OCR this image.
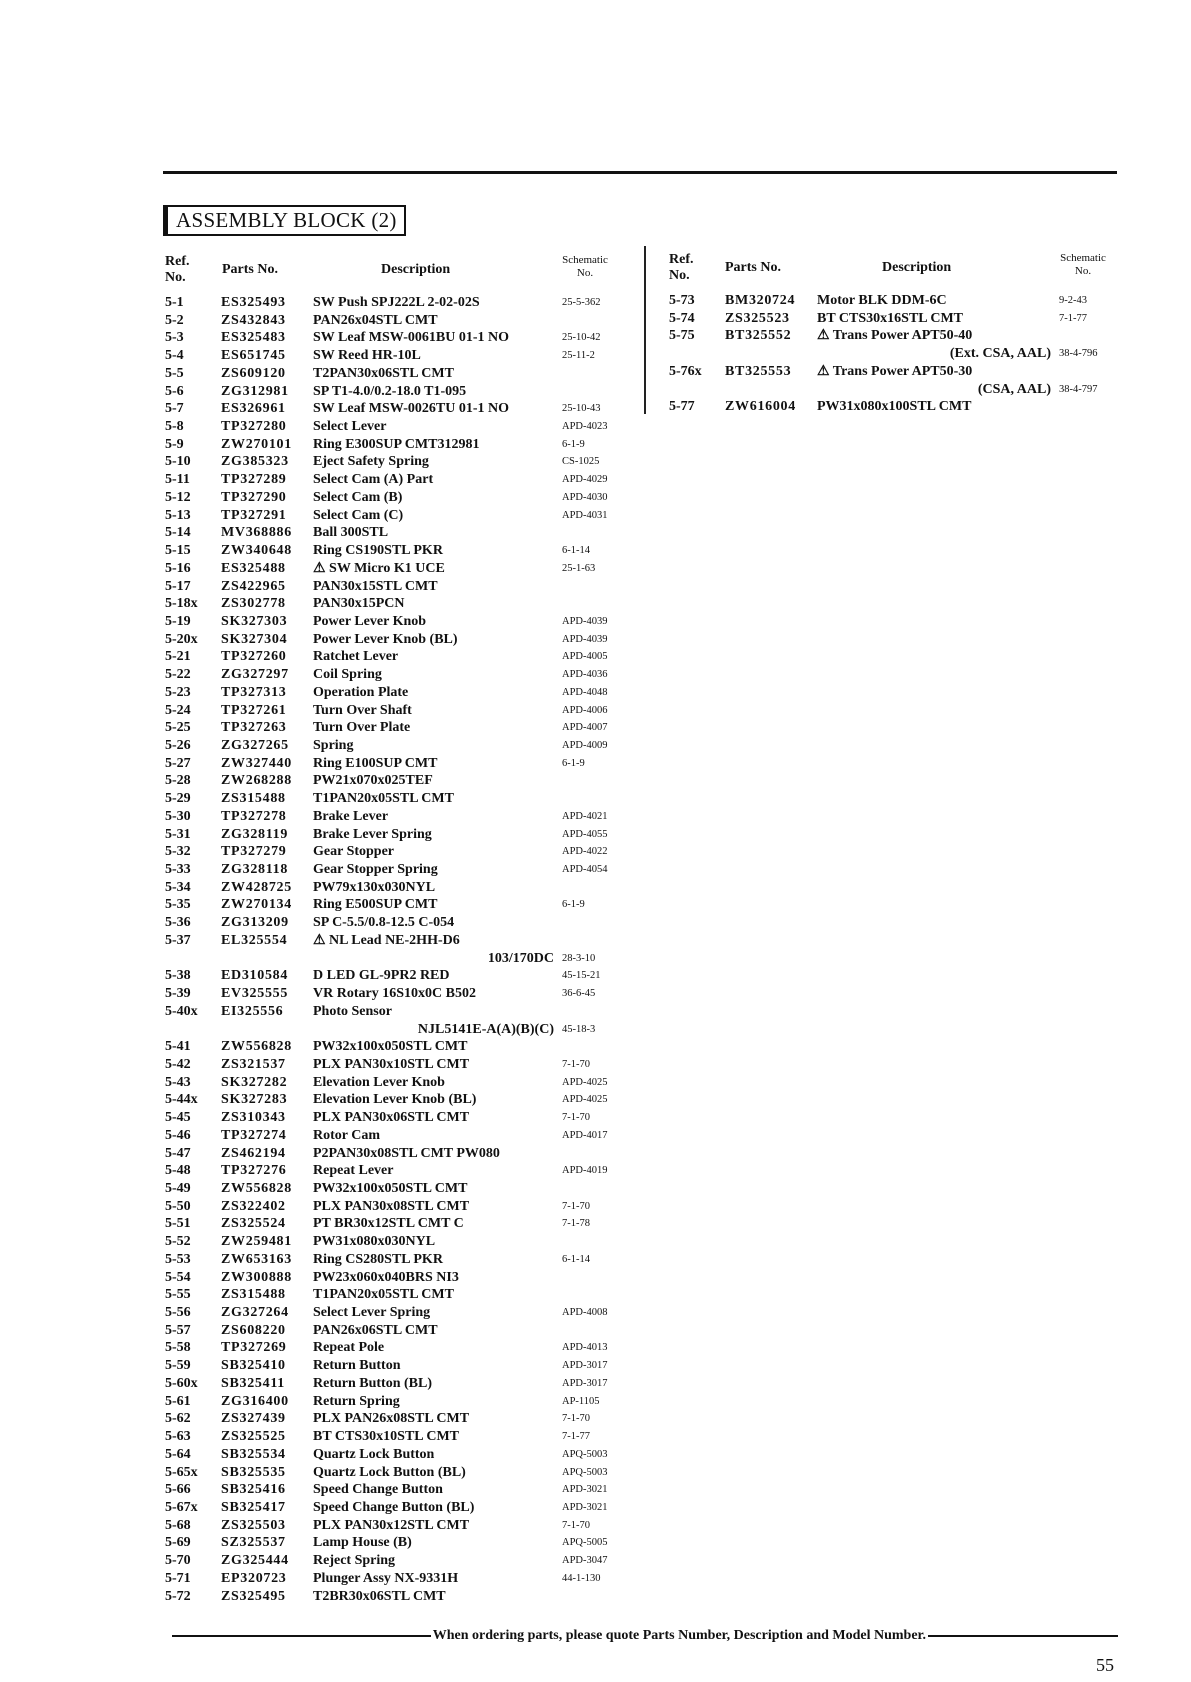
ASSEMBLY BLOCK (2)
Ref.
No.
Parts No.	Description
Schematic
No.
5-1	ES325493 SW Push SPJ222L 2-02-02S	25-5-362
5-2	ZS432843 PAN26x04STL CMT
5-3	ES325483 SW Leaf MSW-0061BU 01-1 NO	25-10-42
5-4	ES651745 SW Reed HR-10L	25-11-2
5-5	ZS609120 T2PAN30x06STL CMT
5-6	ZG312981 SP T1-4.0/0.2-18.0 T1-095
5-7	ES326961 SW Leaf MSW-0026TU 01-1 NO	25-10-43
5-8	TP327280 Select Lever	APD-4023
5-9	ZW270101 Ring E300SUP CMT312981	6-1-9
5-10 ZG385323 Eject Safety Spring	CS-1025
5-11 TP327289 Select Cam (A) Part	APD-4029
5-12 TP327290 Select Cam (B)	APD-4030
5-13 TP327291 Select Cam (C)	APD-4031
5-14 MV368886 Ball 300STL
5-15 ZW340648 Ring CS190STL PKR	6-1-14
5-16 ES325488 ⚠ SW Micro K1 UCE	25-1-63
5-17 ZS422965 PAN30x15STL CMT
5-18x ZS302778 PAN30x15PCN
5-19 SK327303 Power Lever Knob	APD-4039
5-20x SK327304 Power Lever Knob (BL)	APD-4039
5-21 TP327260 Ratchet Lever	APD-4005
5-22 ZG327297 Coil Spring	APD-4036
5-23 TP327313 Operation Plate	APD-4048
5-24 TP327261 Turn Over Shaft	APD-4006
5-25 TP327263 Turn Over Plate	APD-4007
5-26 ZG327265 Spring	APD-4009
5-27 ZW327440 Ring E100SUP CMT	6-1-9
5-28 ZW268288 PW21x070x025TEF
5-29 ZS315488 T1PAN20x05STL CMT
5-30 TP327278 Brake Lever	APD-4021
5-31 ZG328119 Brake Lever Spring	APD-4055
5-32 TP327279 Gear Stopper	APD-4022
5-33 ZG328118 Gear Stopper Spring	APD-4054
5-34 ZW428725 PW79x130x030NYL
5-35 ZW270134 Ring E500SUP CMT	6-1-9
5-36 ZG313209 SP C-5.5/0.8-12.5 C-054
5-37 EL325554 ⚠ NL Lead NE-2HH-D6
103/170DC 28-3-10
5-38 ED310584 D LED GL-9PR2 RED	45-15-21
5-39 EV325555 VR Rotary 16S10x0C B502	36-6-45
5-40x EI325556 Photo Sensor
NJL5141E-A(A)(B)(C) 45-18-3
5-41 ZW556828 PW32x100x050STL CMT
5-42 ZS321537 PLX PAN30x10STL CMT	7-1-70
5-43 SK327282 Elevation Lever Knob	APD-4025
5-44x SK327283 Elevation Lever Knob (BL)	APD-4025
5-45 ZS310343 PLX PAN30x06STL CMT	7-1-70
5-46 TP327274 Rotor Cam	APD-4017
5-47 ZS462194 P2PAN30x08STL CMT PW080
5-48 TP327276 Repeat Lever	APD-4019
5-49 ZW556828 PW32x100x050STL CMT
5-50 ZS322402 PLX PAN30x08STL CMT	7-1-70
5-51 ZS325524 PT BR30x12STL CMT C	7-1-78
5-52 ZW259481 PW31x080x030NYL
5-53 ZW653163 Ring CS280STL PKR	6-1-14
5-54 ZW300888 PW23x060x040BRS NI3
5-55 ZS315488 T1PAN20x05STL CMT
5-56 ZG327264 Select Lever Spring	APD-4008
5-57 ZS608220 PAN26x06STL CMT
5-58 TP327269 Repeat Pole	APD-4013
5-59 SB325410 Return Button	APD-3017
5-60x SB325411 Return Button (BL)	APD-3017
5-61 ZG316400 Return Spring	AP-1105
5-62 ZS327439 PLX PAN26x08STL CMT	7-1-70
5-63 ZS325525 BT CTS30x10STL CMT	7-1-77
5-64 SB325534 Quartz Lock Button	APQ-5003
5-65x SB325535 Quartz Lock Button (BL)	APQ-5003
5-66 SB325416 Speed Change Button	APD-3021
5-67x SB325417 Speed Change Button (BL)	APD-3021
5-68 ZS325503 PLX PAN30x12STL CMT	7-1-70
5-69 SZ325537 Lamp House (B)	APQ-5005
5-70 ZG325444 Reject Spring	APD-3047
5-71 EP320723 Plunger Assy NX-9331H	44-1-130
5-72 ZS325495 T2BR30x06STL CMT
Ref.
No.
Parts No.	Description
Schematic
No.
5-73 BM320724 Motor BLK DDM-6C	9-2-43
5-74 ZS325523 BT CTS30x16STL CMT	7-1-77
5-75 BT325552 ⚠ Trans Power APT50-40
(Ext. CSA, AAL) 38-4-796
5-76x BT325553 ⚠ Trans Power APT50-30
(CSA, AAL) 38-4-797
5-77 ZW616004 PW31x080x100STL CMT
When ordering parts, please quote Parts Number, Description and Model Number.
55
